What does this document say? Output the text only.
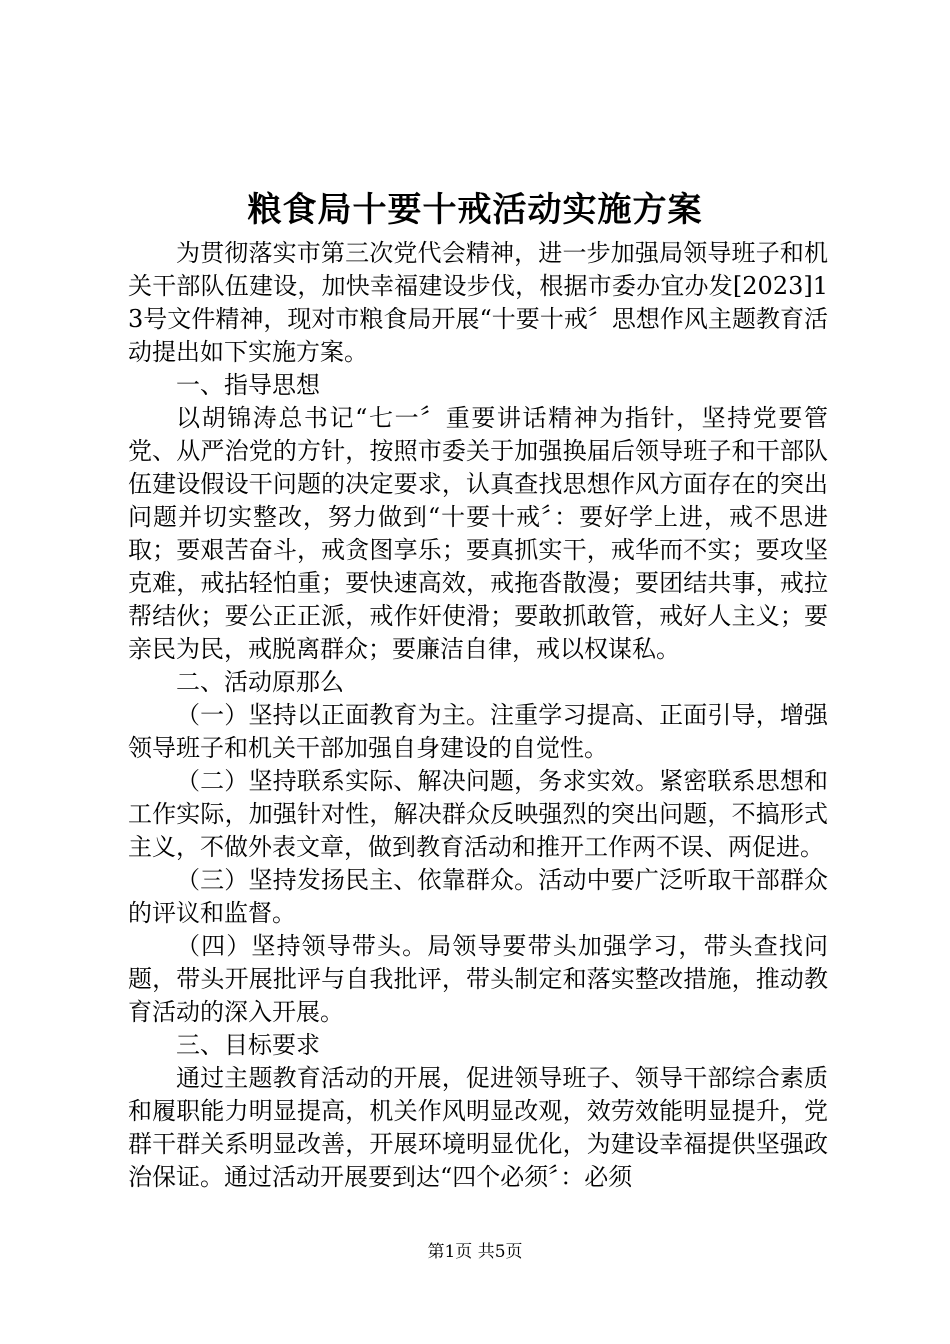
粮食局十要十戒活动实施方案

为贯彻落实市第三次党代会精神，进一步加强局领导班子和机关干部队伍建设，加快幸福建设步伐，根据市委办宜办发[2023]13号文件精神，现对市粮食局开展“十要十戒〞思想作风主题教育活动提出如下实施方案。

一、指导思想

以胡锦涛总书记“七一〞重要讲话精神为指针，坚持党要管党、从严治党的方针，按照市委关于加强换届后领导班子和干部队伍建设假设干问题的决定要求，认真查找思想作风方面存在的突出问题并切实整改，努力做到“十要十戒〞：要好学上进，戒不思进取；要艰苦奋斗，戒贪图享乐；要真抓实干，戒华而不实；要攻坚克难，戒拈轻怕重；要快速高效，戒拖沓散漫；要团结共事，戒拉帮结伙；要公正正派，戒作奸使滑；要敢抓敢管，戒好人主义；要亲民为民，戒脱离群众；要廉洁自律，戒以权谋私。

二、活动原那么

（一）坚持以正面教育为主。注重学习提高、正面引导，增强领导班子和机关干部加强自身建设的自觉性。

（二）坚持联系实际、解决问题，务求实效。紧密联系思想和工作实际，加强针对性，解决群众反映强烈的突出问题，不搞形式主义，不做外表文章，做到教育活动和推开工作两不误、两促进。

（三）坚持发扬民主、依靠群众。活动中要广泛听取干部群众的评议和监督。

（四）坚持领导带头。局领导要带头加强学习，带头查找问题，带头开展批评与自我批评，带头制定和落实整改措施，推动教育活动的深入开展。

三、目标要求

通过主题教育活动的开展，促进领导班子、领导干部综合素质和履职能力明显提高，机关作风明显改观，效劳效能明显提升，党群干群关系明显改善，开展环境明显优化，为建设幸福提供坚强政治保证。通过活动开展要到达“四个必须〞：必须

第1页 共5页
